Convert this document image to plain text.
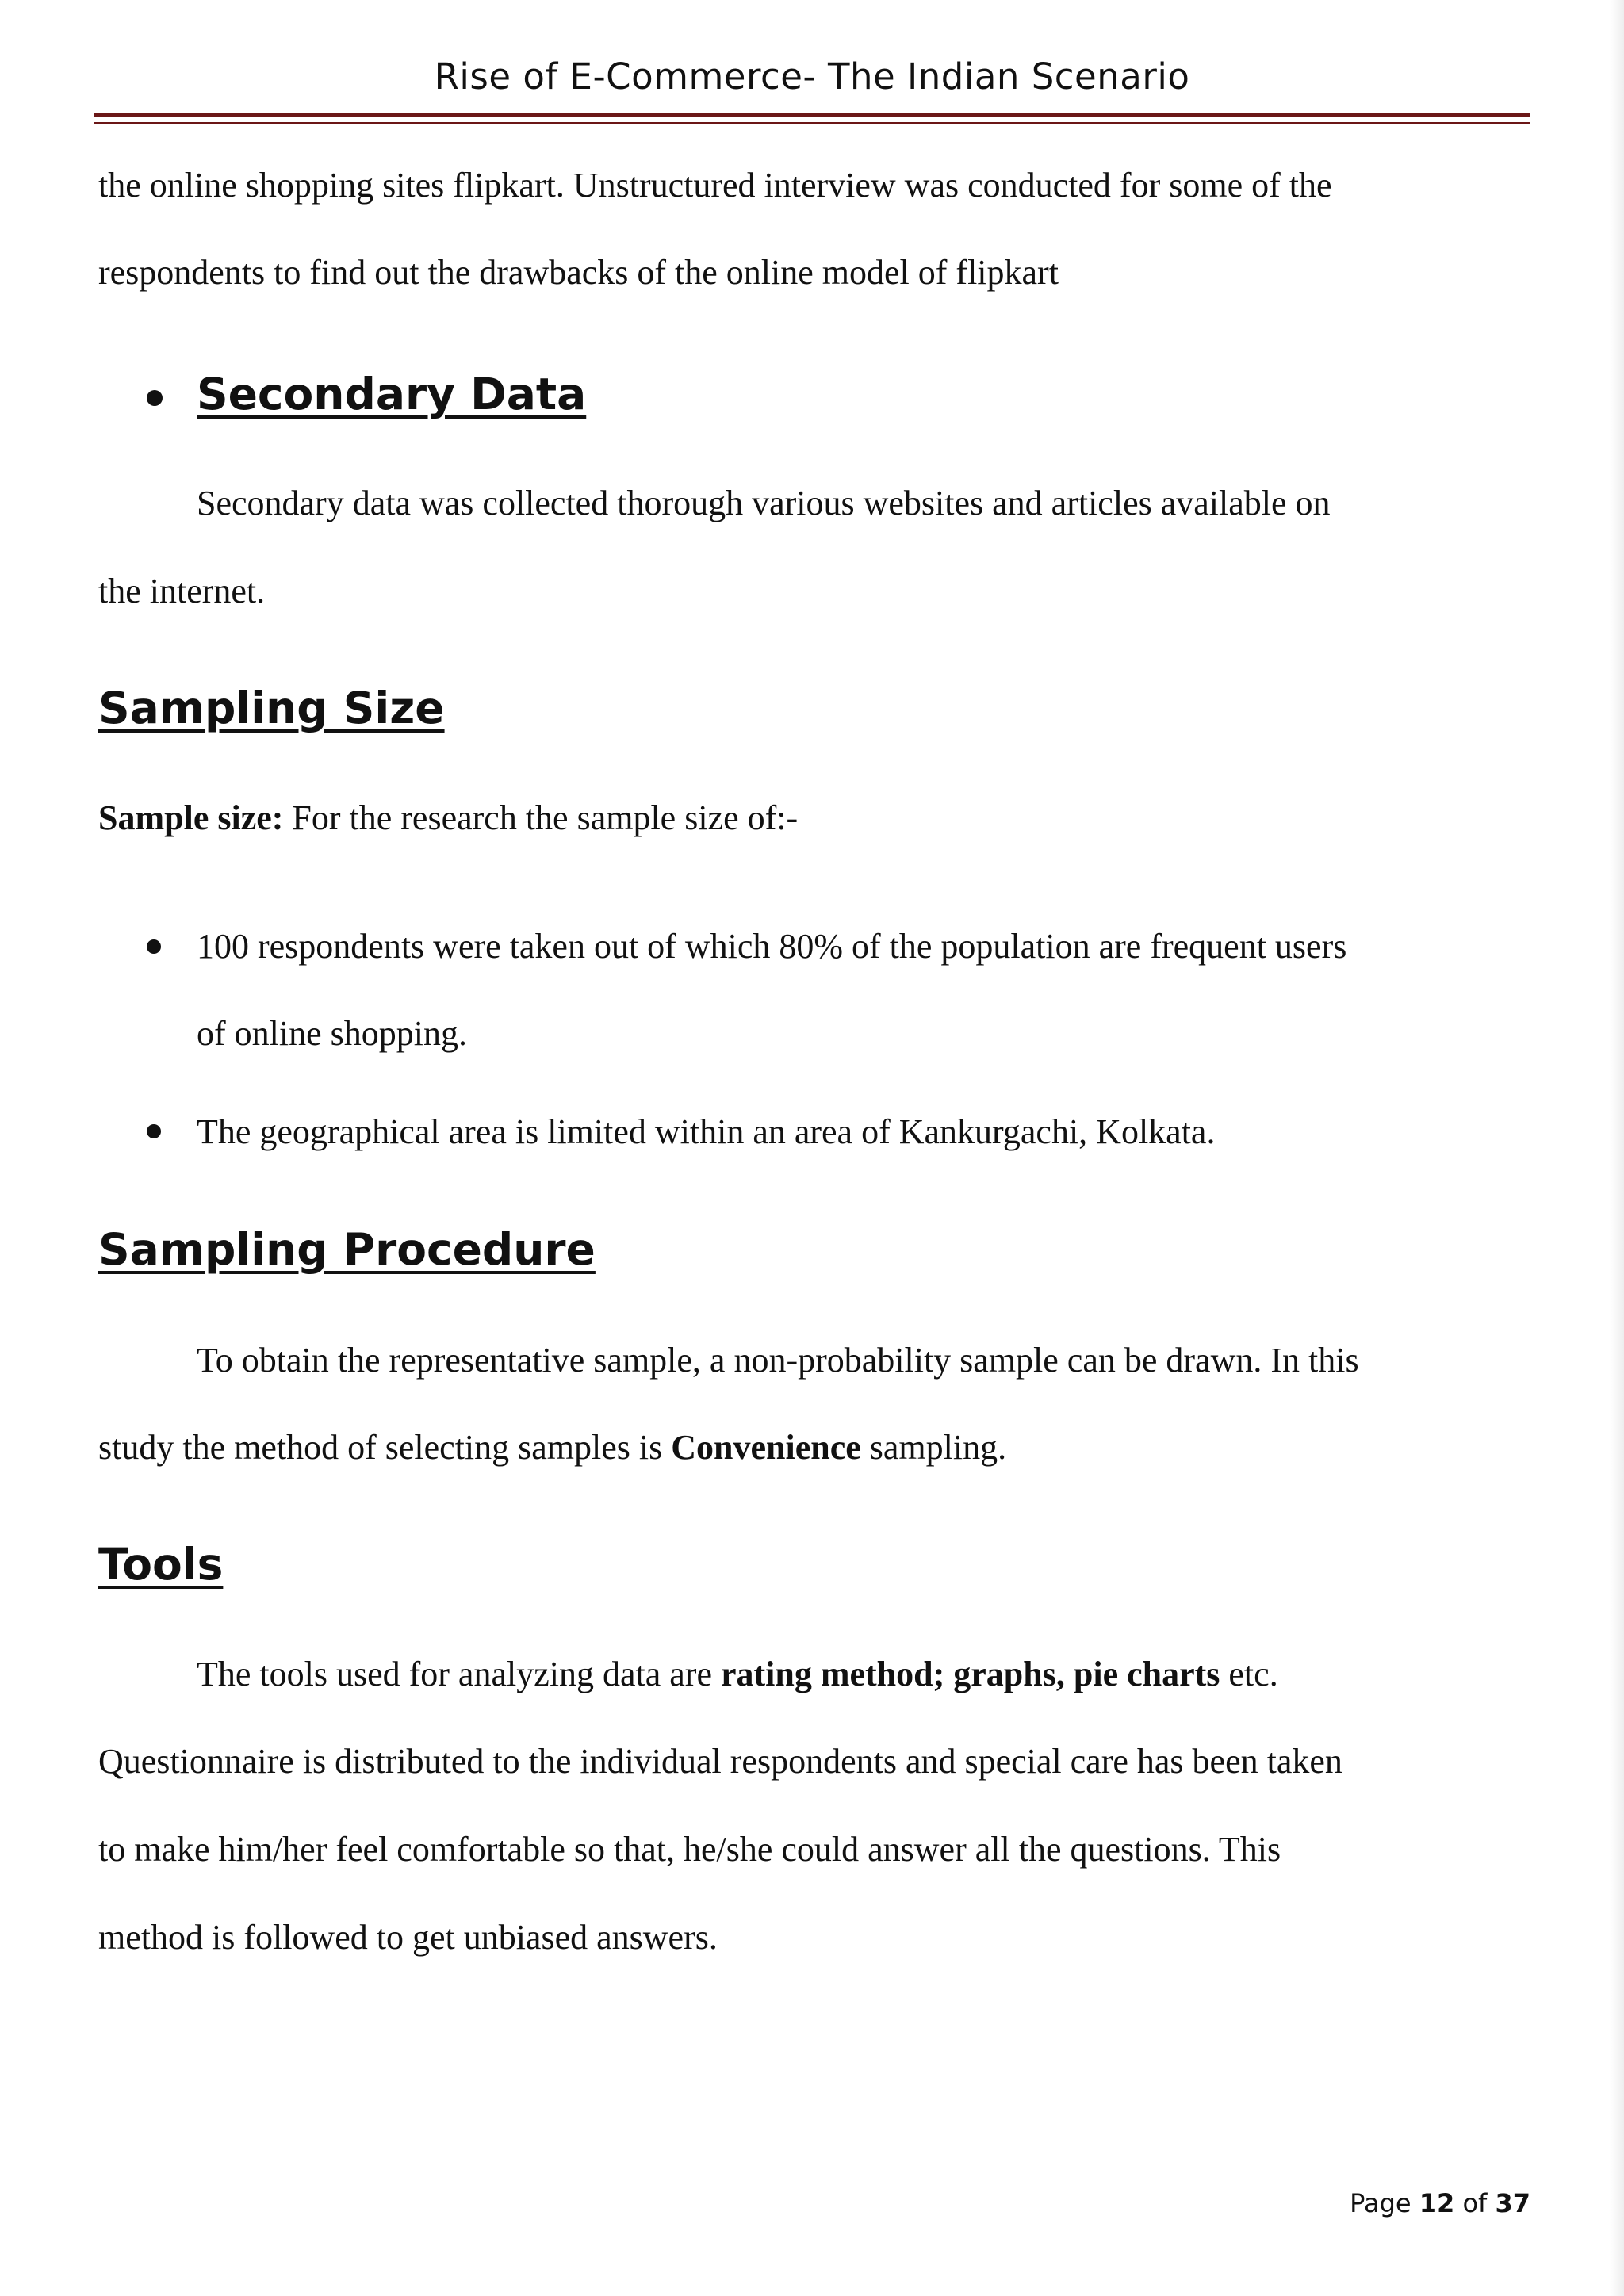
Rise of E-Commerce- The Indian Scenario
the online shopping sites flipkart. Unstructured interview was conducted for some of the
respondents to find out the drawbacks of the online model of flipkart
Secondary Data
Secondary data was collected thorough various websites and articles available on
the internet.
Sampling Size
Sample size: For the research the sample size of:-
100 respondents were taken out of which 80% of the population are frequent users
of online shopping.
The geographical area is limited within an area of Kankurgachi, Kolkata.
Sampling Procedure
To obtain the representative sample, a non-probability sample can be drawn. In this
study the method of selecting samples is Convenience sampling.
Tools
The tools used for analyzing data are rating method; graphs, pie charts etc.
Questionnaire is distributed to the individual respondents and special care has been taken
to make him/her feel comfortable so that, he/she could answer all the questions. This
method is followed to get unbiased answers.
Page 12 of 37
